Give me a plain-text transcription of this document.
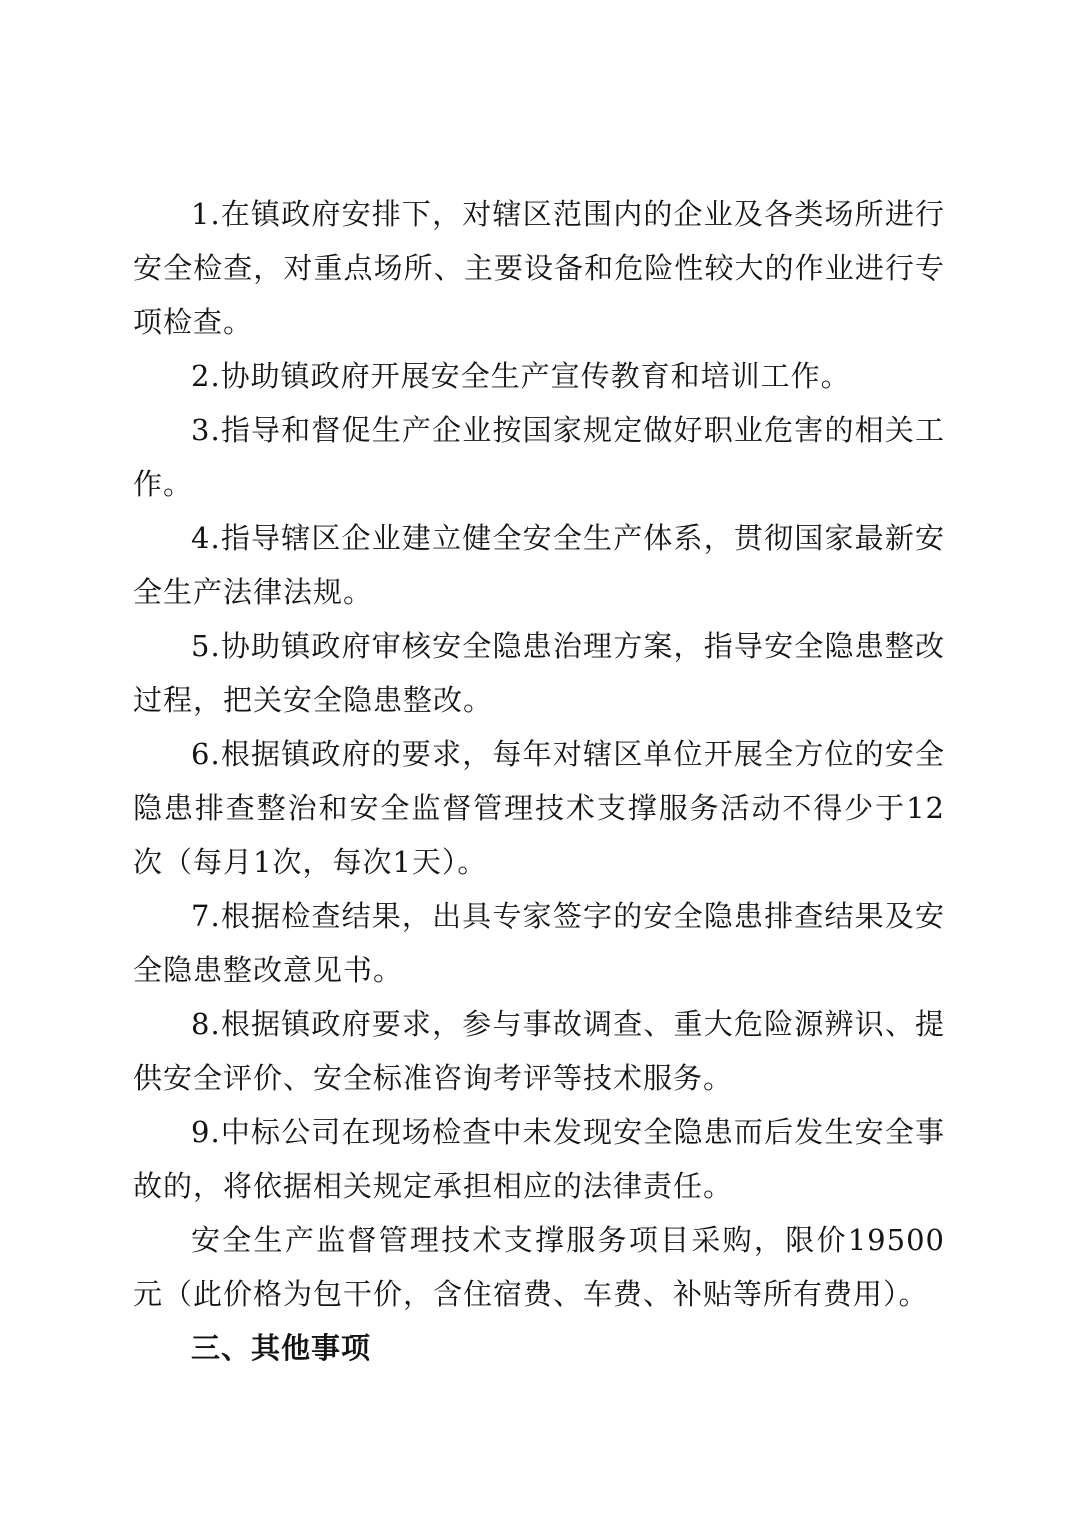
1.在镇政府安排下，对辖区范围内的企业及各类场所进行安全检查，对重点场所、主要设备和危险性较大的作业进行专项检查。

2.协助镇政府开展安全生产宣传教育和培训工作。

3.指导和督促生产企业按国家规定做好职业危害的相关工作。

4.指导辖区企业建立健全安全生产体系，贯彻国家最新安全生产法律法规。

5.协助镇政府审核安全隐患治理方案，指导安全隐患整改过程，把关安全隐患整改。

6.根据镇政府的要求，每年对辖区单位开展全方位的安全隐患排查整治和安全监督管理技术支撑服务活动不得少于12次（每月1次，每次1天）。

7.根据检查结果，出具专家签字的安全隐患排查结果及安全隐患整改意见书。

8.根据镇政府要求，参与事故调查、重大危险源辨识、提供安全评价、安全标准咨询考评等技术服务。

9.中标公司在现场检查中未发现安全隐患而后发生安全事故的，将依据相关规定承担相应的法律责任。

安全生产监督管理技术支撑服务项目采购，限价19500元（此价格为包干价，含住宿费、车费、补贴等所有费用）。

三、其他事项
